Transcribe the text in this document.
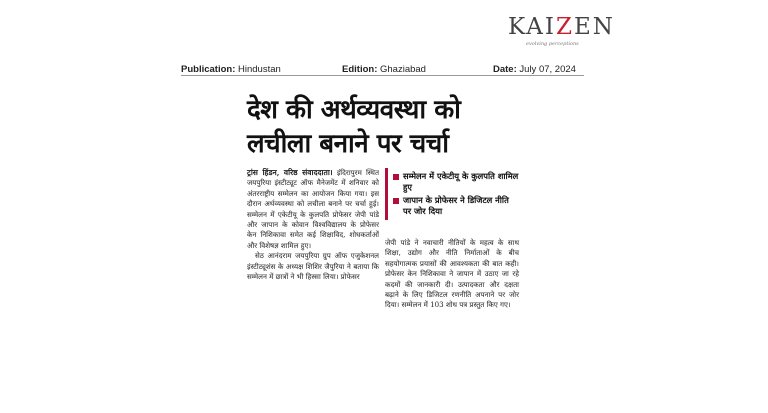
KAIZEN
evolving perceptions
Publication: Hindustan	Edition: Ghaziabad	Date: July 07, 2024
देश की अर्थव्यवस्था को
लचीला बनाने पर चर्चा

ट्रांस हिंडन, वरिष्ठ संवाददाता। इंदिरापुरम स्थित जयपुरिया इंस्टीट्यूट ऑफ मैनेजमेंट में शनिवार को अंतरराष्ट्रीय सम्मेलन का आयोजन किया गया। इस दौरान अर्थव्यवस्था को लचीला बनाने पर चर्चा हुई। सम्मेलन में एकेटीयू के कुलपति प्रोफेसर जेपी पांडे और जापान के कोवान विश्वविद्यालय के प्रोफेसर केन निशिकावा समेत कई शिक्षाविद, शोधकर्ताओं और विशेषज्ञ शामिल हुए।

सेठ आनंदराम जयपुरिया ग्रुप ऑफ एजुकेशनल इंस्टीट्यूशंस के अध्यक्ष शिशिर जैपुरिया ने बताया कि सम्मेलन में छात्रों ने भी हिस्सा लिया। प्रोफेसर

सम्मेलन में एकेटीयू के कुलपति शामिल हुए
जापान के प्रोफेसर ने डिजिटल नीति पर जोर दिया

जेपी पांडे ने नवाचारी नीतियों के महत्व के साथ शिक्षा, उद्योग और नीति निर्माताओं के बीच सहयोगात्मक प्रयासों की आवश्यकता की बात कही। प्रोफेसर केन निशिकावा ने जापान में उठाए जा रहे कदमों की जानकारी दी। उत्पादकता और दक्षता बढ़ाने के लिए डिजिटल रणनीति अपनाने पर जोर दिया। सम्मेलन में 103 शोध पत्र प्रस्तुत किए गए।
